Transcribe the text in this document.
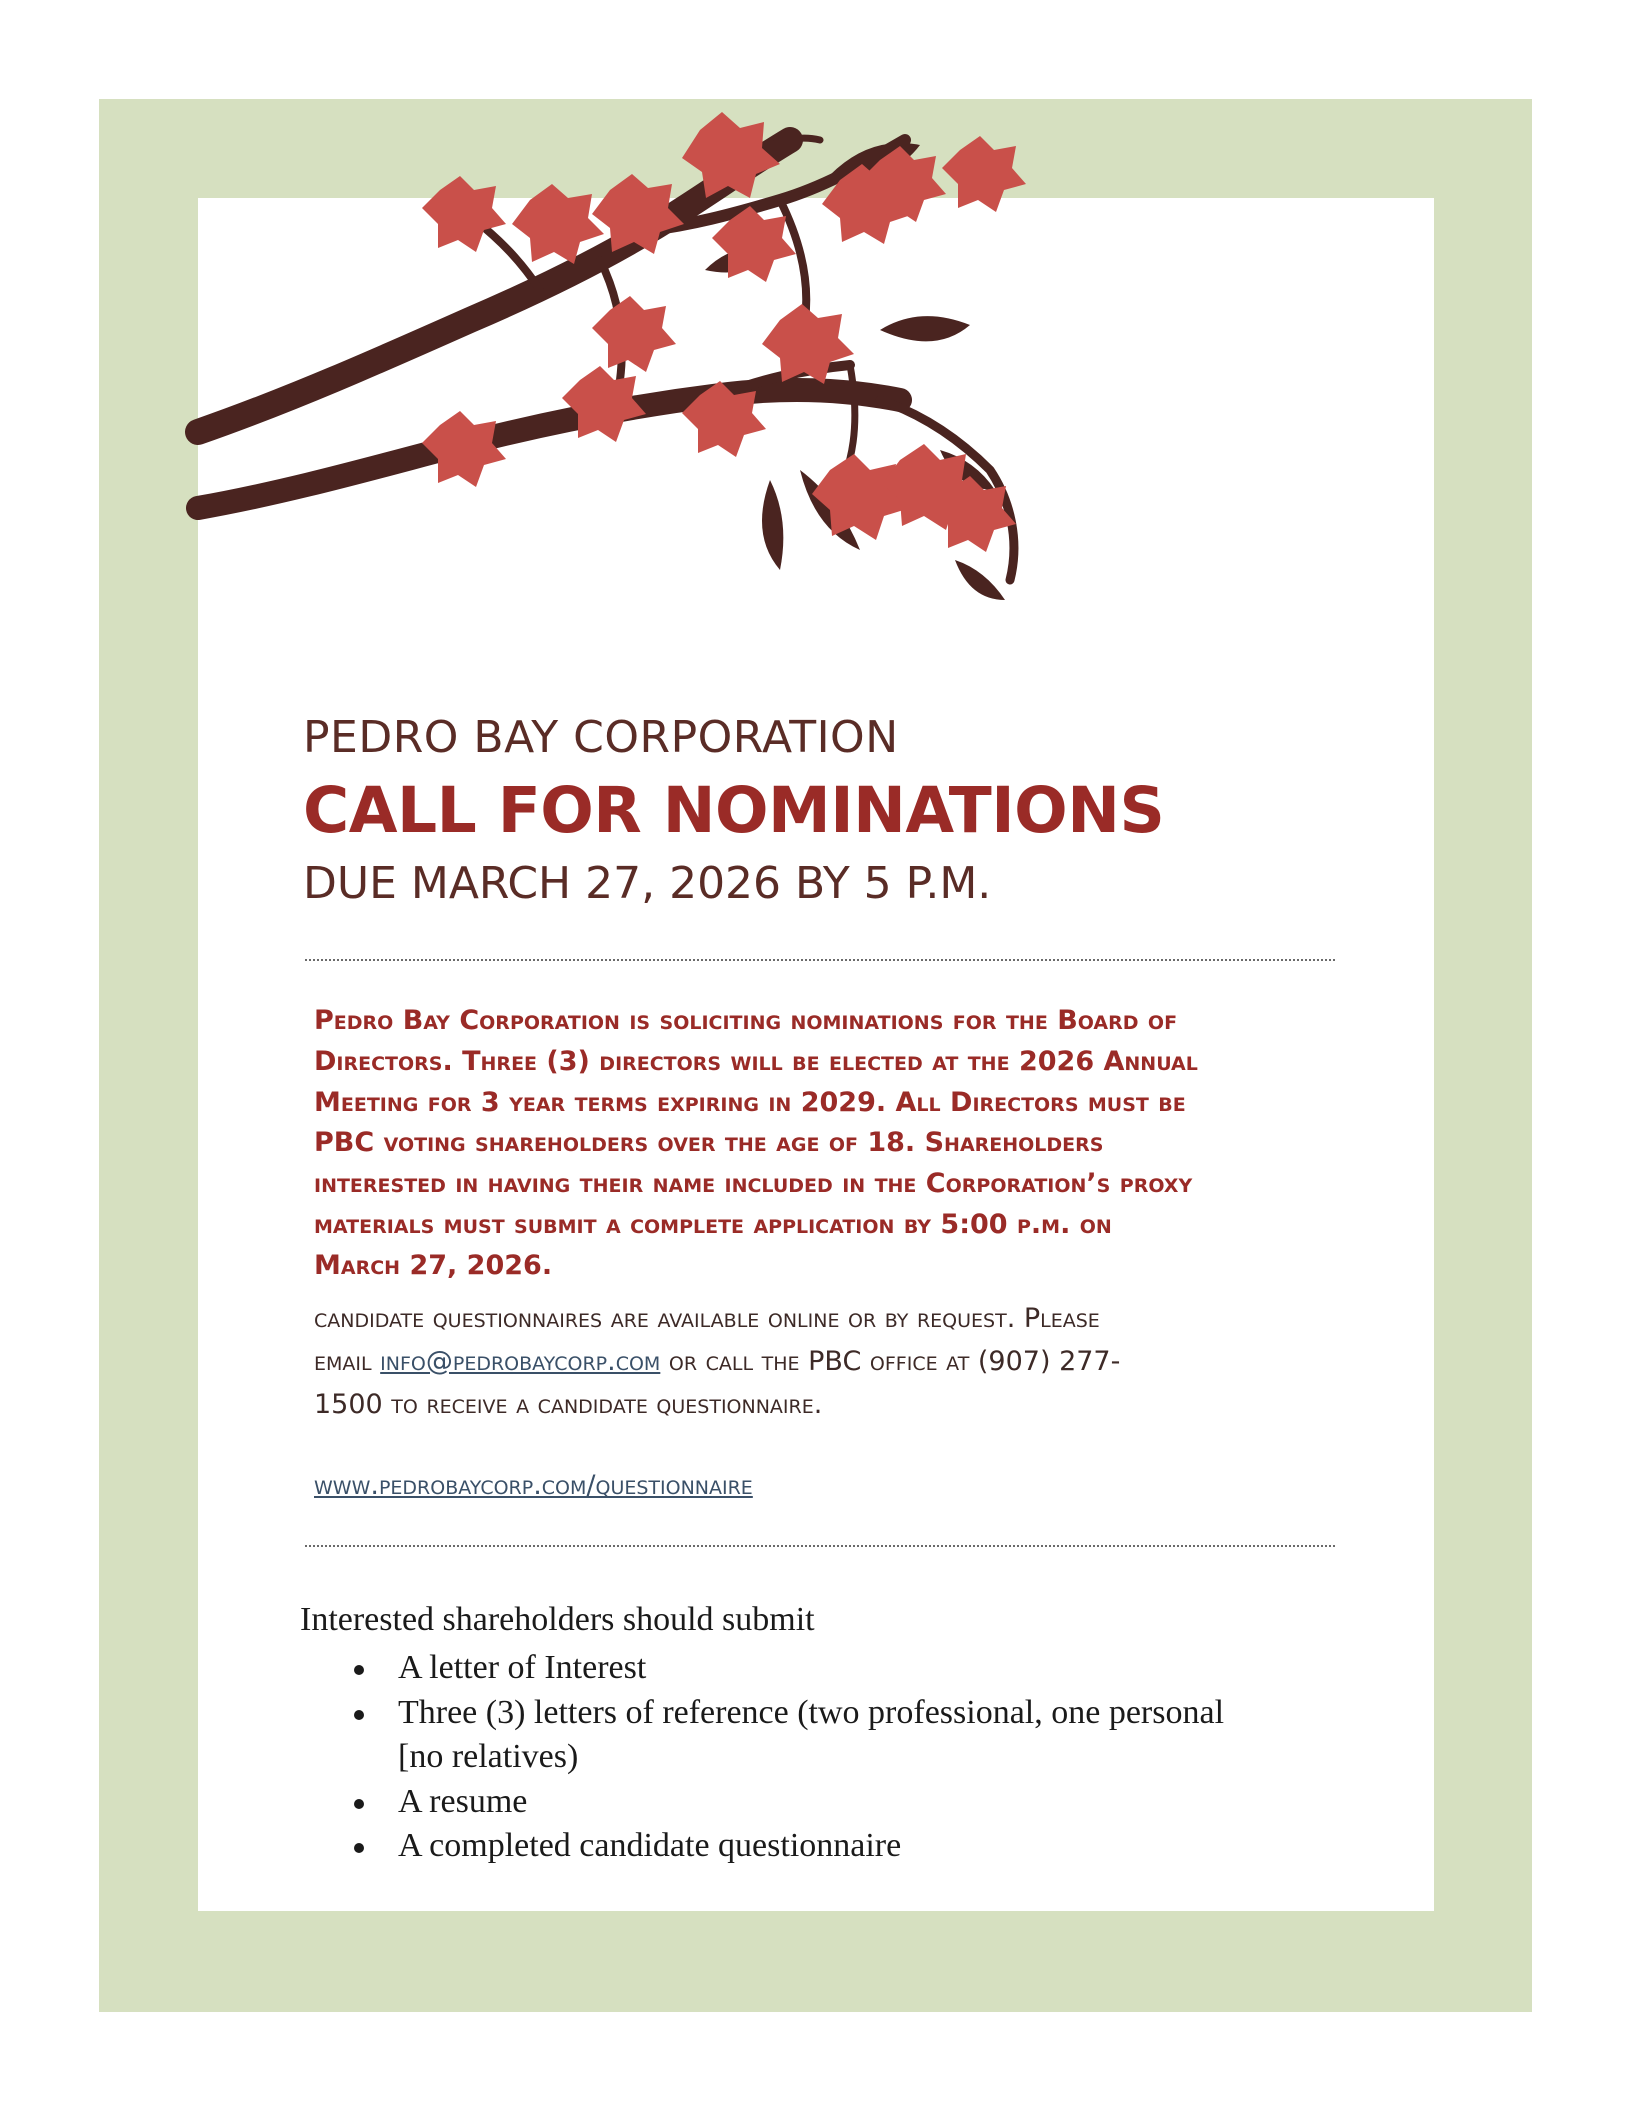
PEDRO BAY CORPORATION
CALL FOR NOMINATIONS
DUE MARCH 27, 2026 BY 5 P.M.
Pedro Bay Corporation is soliciting nominations for the Board of
Directors. Three (3) directors will be elected at the 2026 Annual
Meeting for 3 year terms expiring in 2029. All Directors must be
PBC voting shareholders over the age of 18. Shareholders
interested in having their name included in the Corporation’s proxy
materials must submit a complete application by 5:00 p.m. on
March 27, 2026.
candidate questionnaires are available online or by request. Please
email info@pedrobaycorp.com or call the PBC office at (907) 277-
1500 to receive a candidate questionnaire.
www.pedrobaycorp.com/questionnaire
Interested shareholders should submit
A letter of Interest
Three (3) letters of reference (two professional, one personal
[no relatives)
A resume
A completed candidate questionnaire
